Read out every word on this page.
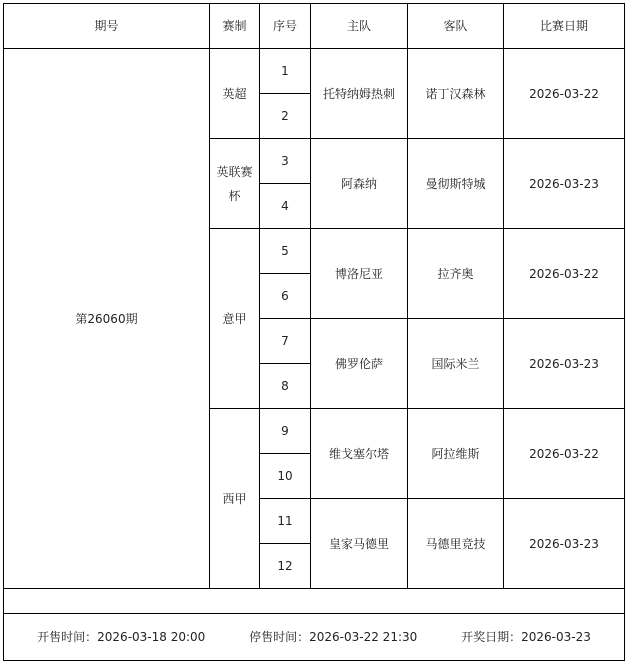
期号	赛制	序号	主队	客队	比赛日期
第26060期	英超	1	托特纳姆热刺	诺丁汉森林	2026-03-22
		2			
	英联赛杯	3	阿森纳	曼彻斯特城	2026-03-23
		4			
	意甲	5	博洛尼亚	拉齐奥	2026-03-22
		6			
		7	佛罗伦萨	国际米兰	2026-03-23
		8			
	西甲	9	维戈塞尔塔	阿拉维斯	2026-03-22
		10			
		11	皇家马德里	马德里竞技	2026-03-23
		12			

开售时间：2026-03-18 20:00 停售时间：2026-03-22 21:30 开奖日期：2026-03-23					
